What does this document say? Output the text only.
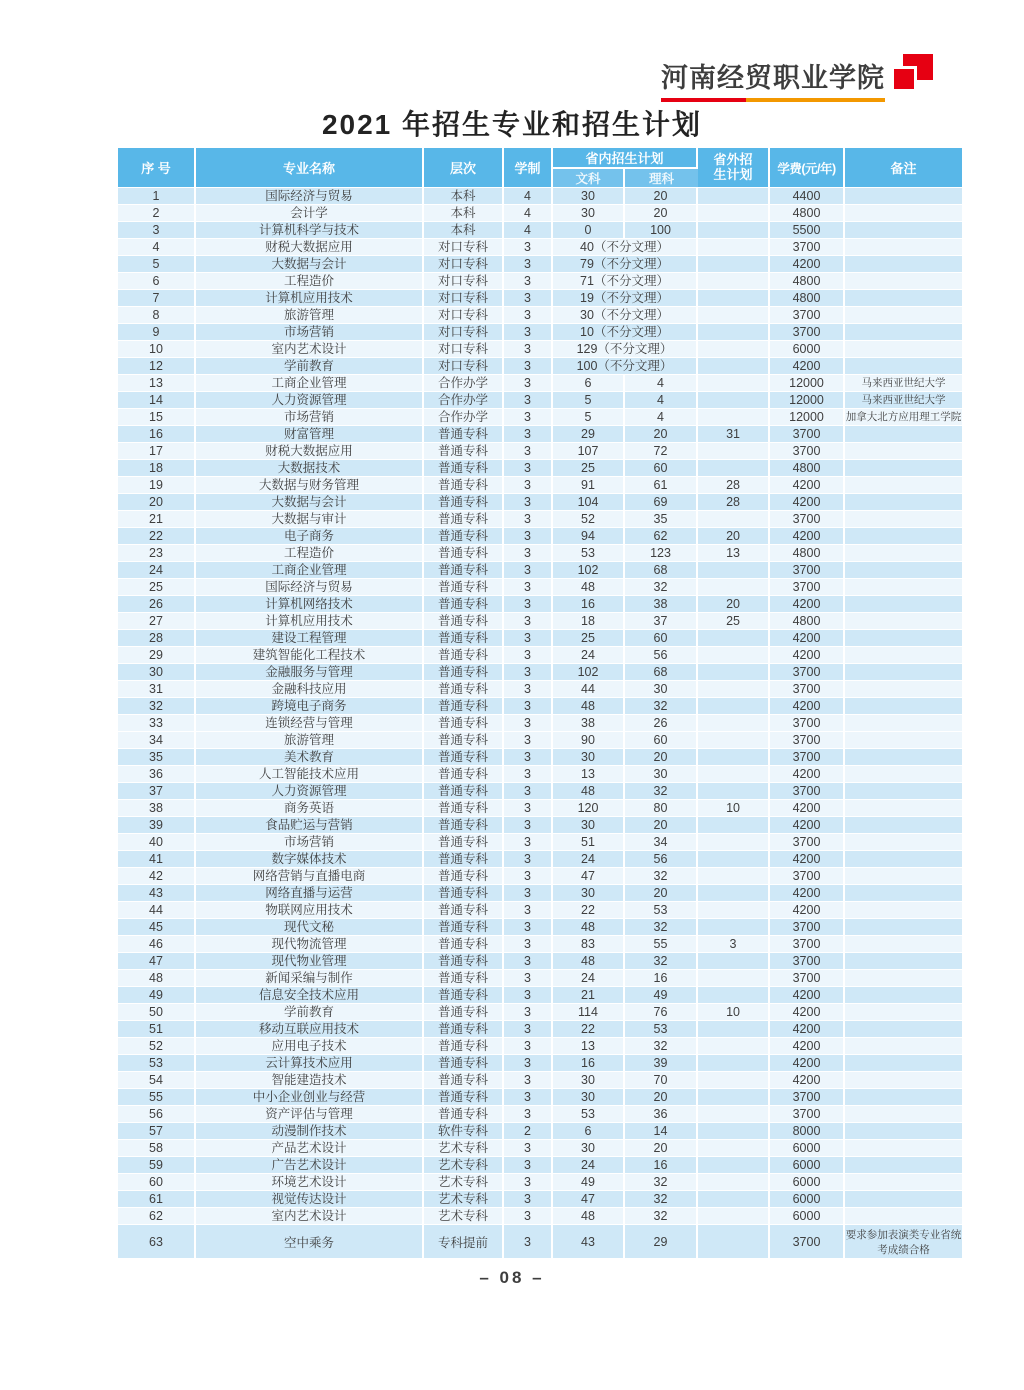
河南经贸职业学院
2021 年招生专业和招生计划
序 号	专业名称	层次	学制	省内招生计划		省外招生计划	学费(元/年)	备注
				文科	理科			
1	国际经济与贸易	本科	4	30	20		4400	
2	会计学	本科	4	30	20		4800	
3	计算机科学与技术	本科	4	0	100		5500	
4	财税大数据应用	对口专科	3	40（不分文理）			3700	
5	大数据与会计	对口专科	3	79（不分文理）			4200	
6	工程造价	对口专科	3	71（不分文理）			4800	
7	计算机应用技术	对口专科	3	19（不分文理）			4800	
8	旅游管理	对口专科	3	30（不分文理）			3700	
9	市场营销	对口专科	3	10（不分文理）			3700	
10	室内艺术设计	对口专科	3	129（不分文理）			6000	
12	学前教育	对口专科	3	100（不分文理）			4200	
13	工商企业管理	合作办学	3	6	4		12000	马来西亚世纪大学
14	人力资源管理	合作办学	3	5	4		12000	马来西亚世纪大学
15	市场营销	合作办学	3	5	4		12000	加拿大北方应用理工学院
16	财富管理	普通专科	3	29	20	31	3700	
17	财税大数据应用	普通专科	3	107	72		3700	
18	大数据技术	普通专科	3	25	60		4800	
19	大数据与财务管理	普通专科	3	91	61	28	4200	
20	大数据与会计	普通专科	3	104	69	28	4200	
21	大数据与审计	普通专科	3	52	35		3700	
22	电子商务	普通专科	3	94	62	20	4200	
23	工程造价	普通专科	3	53	123	13	4800	
24	工商企业管理	普通专科	3	102	68		3700	
25	国际经济与贸易	普通专科	3	48	32		3700	
26	计算机网络技术	普通专科	3	16	38	20	4200	
27	计算机应用技术	普通专科	3	18	37	25	4800	
28	建设工程管理	普通专科	3	25	60		4200	
29	建筑智能化工程技术	普通专科	3	24	56		4200	
30	金融服务与管理	普通专科	3	102	68		3700	
31	金融科技应用	普通专科	3	44	30		3700	
32	跨境电子商务	普通专科	3	48	32		4200	
33	连锁经营与管理	普通专科	3	38	26		3700	
34	旅游管理	普通专科	3	90	60		3700	
35	美术教育	普通专科	3	30	20		3700	
36	人工智能技术应用	普通专科	3	13	30		4200	
37	人力资源管理	普通专科	3	48	32		3700	
38	商务英语	普通专科	3	120	80	10	4200	
39	食品贮运与营销	普通专科	3	30	20		4200	
40	市场营销	普通专科	3	51	34		3700	
41	数字媒体技术	普通专科	3	24	56		4200	
42	网络营销与直播电商	普通专科	3	47	32		3700	
43	网络直播与运营	普通专科	3	30	20		4200	
44	物联网应用技术	普通专科	3	22	53		4200	
45	现代文秘	普通专科	3	48	32		3700	
46	现代物流管理	普通专科	3	83	55	3	3700	
47	现代物业管理	普通专科	3	48	32		3700	
48	新闻采编与制作	普通专科	3	24	16		3700	
49	信息安全技术应用	普通专科	3	21	49		4200	
50	学前教育	普通专科	3	114	76	10	4200	
51	移动互联应用技术	普通专科	3	22	53		4200	
52	应用电子技术	普通专科	3	13	32		4200	
53	云计算技术应用	普通专科	3	16	39		4200	
54	智能建造技术	普通专科	3	30	70		4200	
55	中小企业创业与经营	普通专科	3	30	20		3700	
56	资产评估与管理	普通专科	3	53	36		3700	
57	动漫制作技术	软件专科	2	6	14		8000	
58	产品艺术设计	艺术专科	3	30	20		6000	
59	广告艺术设计	艺术专科	3	24	16		6000	
60	环境艺术设计	艺术专科	3	49	32		6000	
61	视觉传达设计	艺术专科	3	47	32		6000	
62	室内艺术设计	艺术专科	3	48	32		6000	
63	空中乘务	专科提前	3	43	29		3700	要求参加表演类专业省统考成绩合格
– 08 –
